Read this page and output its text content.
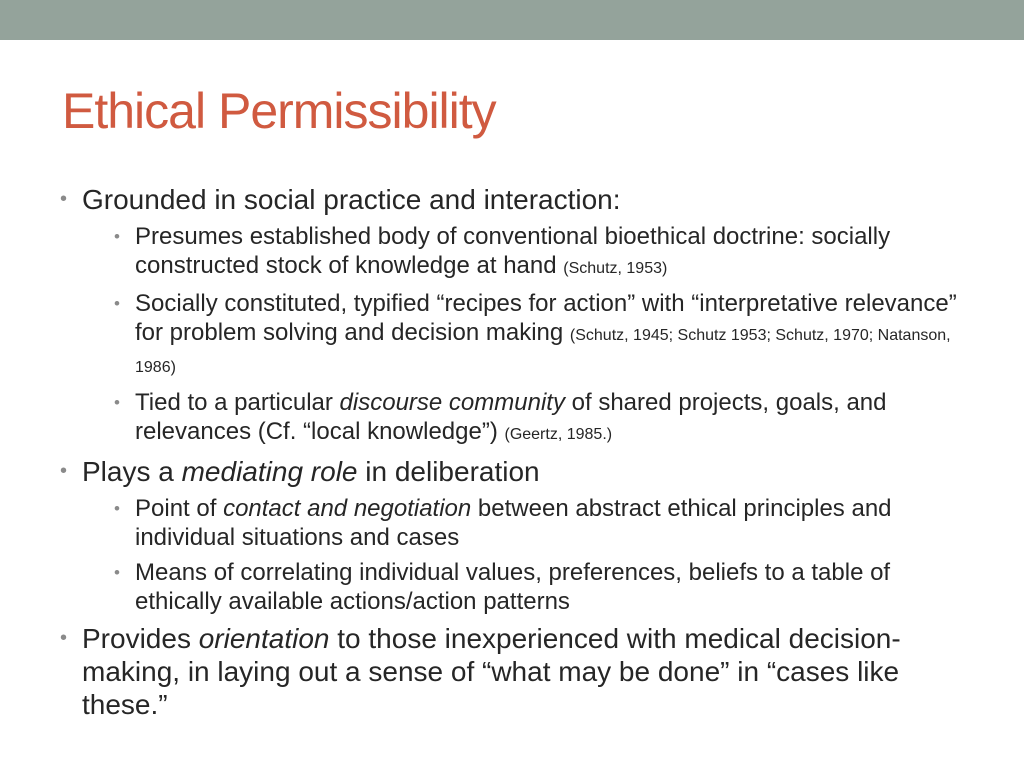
Ethical Permissibility
• Grounded in social practice and interaction:
• Presumes established body of conventional bioethical doctrine: socially constructed stock of knowledge at hand (Schutz, 1953)
• Socially constituted, typified “recipes for action” with “interpretative relevance” for problem solving and decision making (Schutz, 1945; Schutz 1953; Schutz, 1970; Natanson, 1986)
• Tied to a particular discourse community of shared projects, goals, and relevances (Cf. “local knowledge”) (Geertz, 1985.)
• Plays a mediating role in deliberation
• Point of contact and negotiation between abstract ethical principles and individual situations and cases
• Means of correlating individual values, preferences, beliefs to a table of ethically available actions/action patterns
• Provides orientation to those inexperienced with medical decision-making, in laying out a sense of “what may be done” in “cases like these.”
